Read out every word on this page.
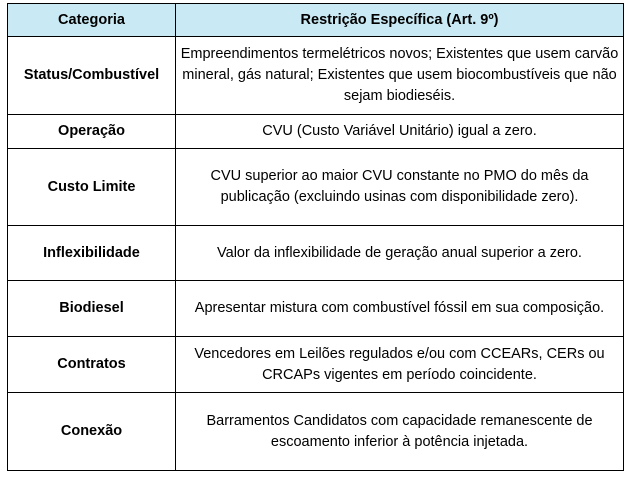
Categoria	Restrição Específica (Art. 9º)
Status/Combustível	Empreendimentos termelétricos novos; Existentes que usem carvão mineral, gás natural; Existentes que usem biocombustíveis que não sejam biodieséis.
Operação	CVU (Custo Variável Unitário) igual a zero.
Custo Limite	CVU superior ao maior CVU constante no PMO do mês da publicação (excluindo usinas com disponibilidade zero).
Inflexibilidade	Valor da inflexibilidade de geração anual superior a zero.
Biodiesel	Apresentar mistura com combustível fóssil em sua composição.
Contratos	Vencedores em Leilões regulados e/ou com CCEARs, CERs ou CRCAPs vigentes em período coincidente.
Conexão	Barramentos Candidatos com capacidade remanescente de escoamento inferior à potência injetada.
